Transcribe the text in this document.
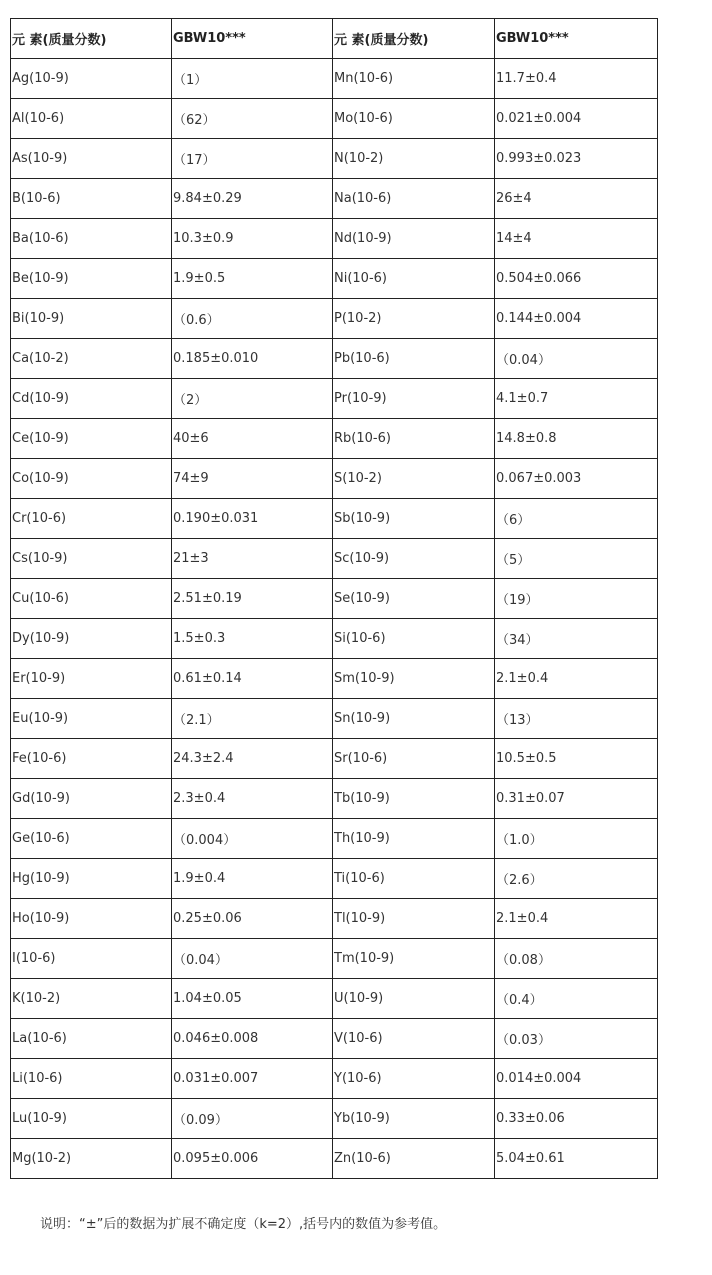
元 素(质量分数)	GBW10***	元 素(质量分数)	GBW10***
Ag(10-9)	（1）	Mn(10-6)	11.7±0.4
Al(10-6)	（62）	Mo(10-6)	0.021±0.004
As(10-9)	（17）	N(10-2)	0.993±0.023
B(10-6)	9.84±0.29	Na(10-6)	26±4
Ba(10-6)	10.3±0.9	Nd(10-9)	14±4
Be(10-9)	1.9±0.5	Ni(10-6)	0.504±0.066
Bi(10-9)	（0.6）	P(10-2)	0.144±0.004
Ca(10-2)	0.185±0.010	Pb(10-6)	（0.04）
Cd(10-9)	（2）	Pr(10-9)	4.1±0.7
Ce(10-9)	40±6	Rb(10-6)	14.8±0.8
Co(10-9)	74±9	S(10-2)	0.067±0.003
Cr(10-6)	0.190±0.031	Sb(10-9)	（6）
Cs(10-9)	21±3	Sc(10-9)	（5）
Cu(10-6)	2.51±0.19	Se(10-9)	（19）
Dy(10-9)	1.5±0.3	Si(10-6)	（34）
Er(10-9)	0.61±0.14	Sm(10-9)	2.1±0.4
Eu(10-9)	（2.1）	Sn(10-9)	（13）
Fe(10-6)	24.3±2.4	Sr(10-6)	10.5±0.5
Gd(10-9)	2.3±0.4	Tb(10-9)	0.31±0.07
Ge(10-6)	（0.004）	Th(10-9)	（1.0）
Hg(10-9)	1.9±0.4	Ti(10-6)	（2.6）
Ho(10-9)	0.25±0.06	Tl(10-9)	2.1±0.4
I(10-6)	（0.04）	Tm(10-9)	（0.08）
K(10-2)	1.04±0.05	U(10-9)	（0.4）
La(10-6)	0.046±0.008	V(10-6)	（0.03）
Li(10-6)	0.031±0.007	Y(10-6)	0.014±0.004
Lu(10-9)	（0.09）	Yb(10-9)	0.33±0.06
Mg(10-2)	0.095±0.006	Zn(10-6)	5.04±0.61
说明：“±”后的数据为扩展不确定度（k=2）,括号内的数值为参考值。
